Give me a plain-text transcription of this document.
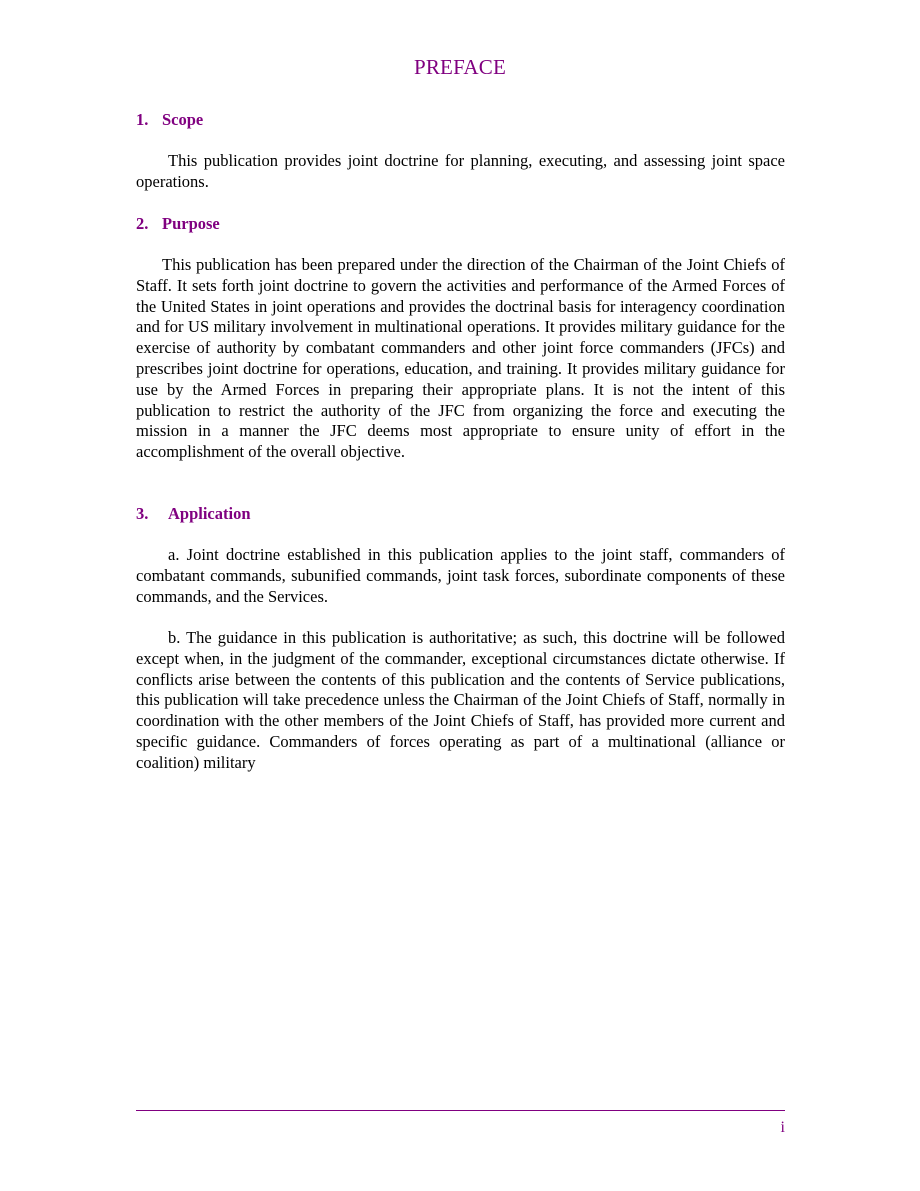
PREFACE
1. Scope

This publication provides joint doctrine for planning, executing, and assessing joint space operations.

2. Purpose

This publication has been prepared under the direction of the Chairman of the Joint Chiefs of Staff. It sets forth joint doctrine to govern the activities and performance of the Armed Forces of the United States in joint operations and provides the doctrinal basis for interagency coordination and for US military involvement in multinational operations. It provides military guidance for the exercise of authority by combatant commanders and other joint force commanders (JFCs) and prescribes joint doctrine for operations, education, and training. It provides military guidance for use by the Armed Forces in preparing their appropriate plans. It is not the intent of this publication to restrict the authority of the JFC from organizing the force and executing the mission in a manner the JFC deems most appropriate to ensure unity of effort in the accomplishment of the overall objective.

3. Application

a. Joint doctrine established in this publication applies to the joint staff, commanders of combatant commands, subunified commands, joint task forces, subordinate components of these commands, and the Services.

b. The guidance in this publication is authoritative; as such, this doctrine will be followed except when, in the judgment of the commander, exceptional circumstances dictate otherwise. If conflicts arise between the contents of this publication and the contents of Service publications, this publication will take precedence unless the Chairman of the Joint Chiefs of Staff, normally in coordination with the other members of the Joint Chiefs of Staff, has provided more current and specific guidance. Commanders of forces operating as part of a multinational (alliance or coalition) military

i
